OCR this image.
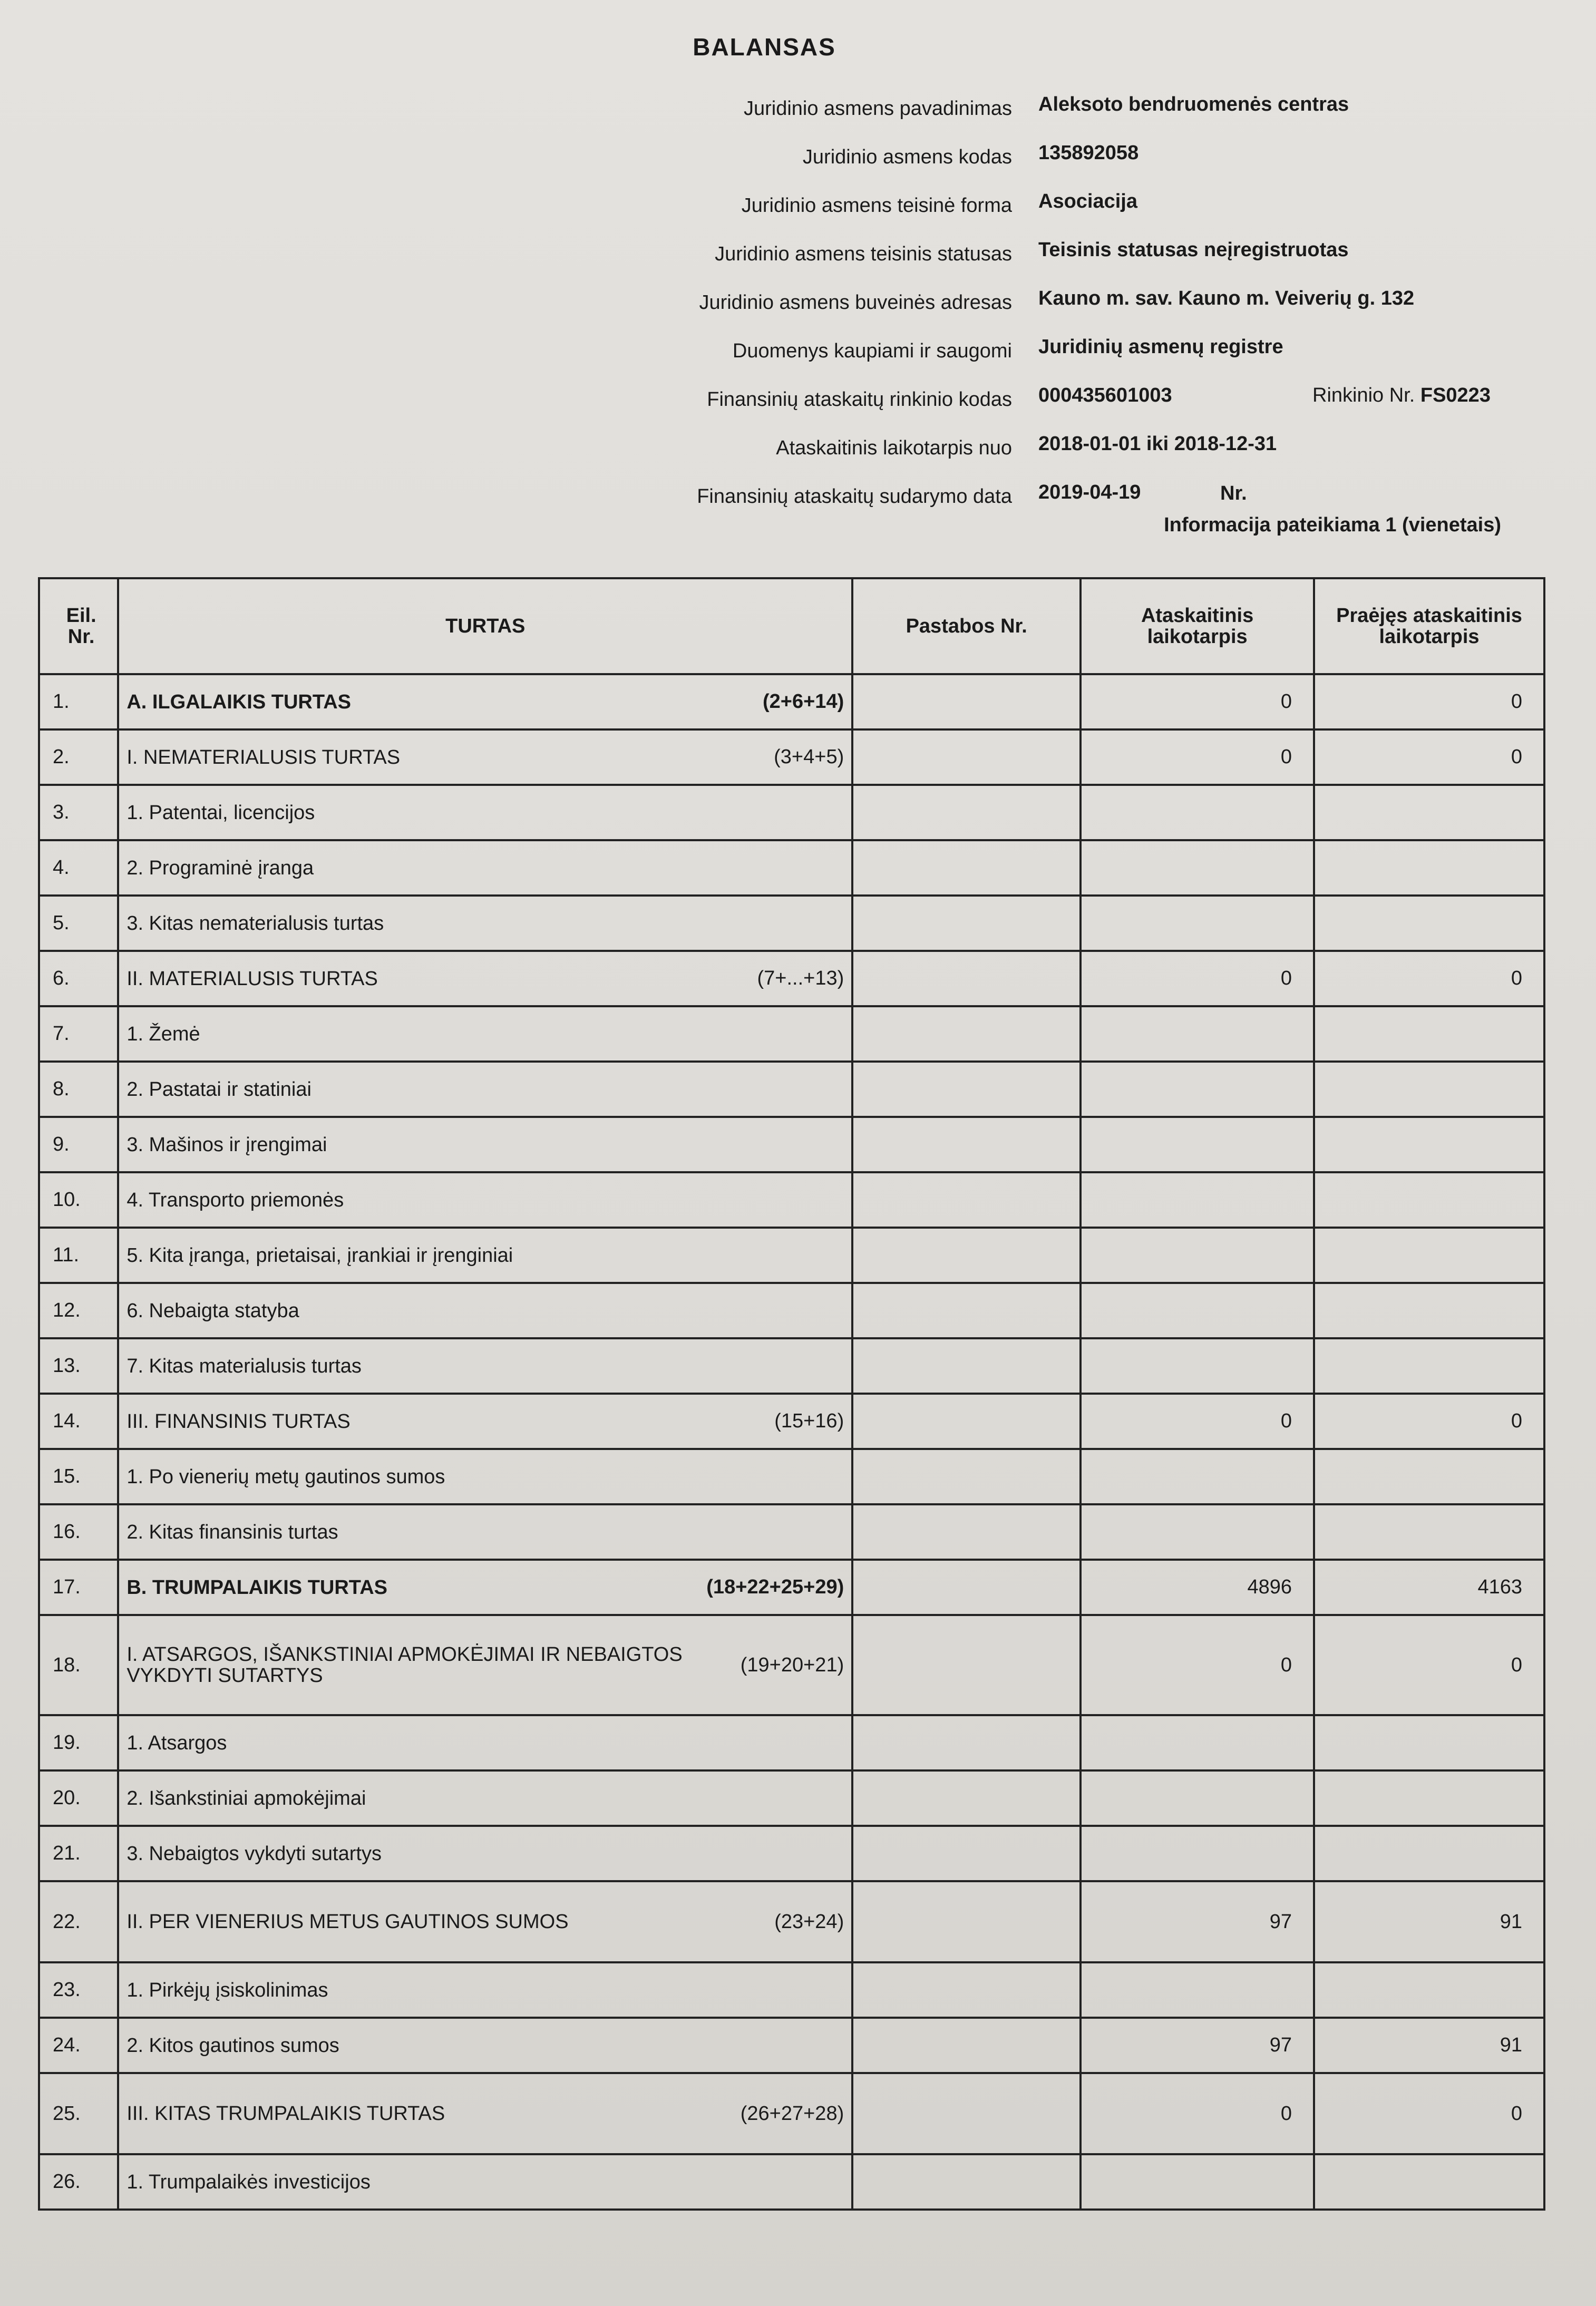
BALANSAS
Juridinio asmens pavadinimas Aleksoto bendruomenės centras
Juridinio asmens kodas 135892058
Juridinio asmens teisinė forma Asociacija
Juridinio asmens teisinis statusas Teisinis statusas neįregistruotas
Juridinio asmens buveinės adresas Kauno m. sav. Kauno m. Veiverių g. 132
Duomenys kaupiami ir saugomi Juridinių asmenų registre
Finansinių ataskaitų rinkinio kodas 000435601003	Rinkinio Nr. FS0223
Ataskaitinis laikotarpis nuo 2018-01-01 iki 2018-12-31
Finansinių ataskaitų sudarymo data 2019-04-19	Nr.
Informacija pateikiama 1 (vienetais)
Eil. Nr.	TURTAS	Pastabos Nr.	Ataskaitinis laikotarpis	Praėjęs ataskaitinis laikotarpis
1.	A. ILGALAIKIS TURTAS (2+6+14)		0	0
2.	I. NEMATERIALUSIS TURTAS (3+4+5)		0	0
3.	1. Patentai, licencijos			

4.	2. Programinė įranga			

5.	3. Kitas nematerialusis turtas			

6.	II. MATERIALUSIS TURTAS (7+...+13)		0	0
7.	1. Žemė			

8.	2. Pastatai ir statiniai			

9.	3. Mašinos ir įrengimai			

10.	4. Transporto priemonės			

11.	5. Kita įranga, prietaisai, įrankiai ir įrenginiai			

12.	6. Nebaigta statyba			

13.	7. Kitas materialusis turtas			

14.	III. FINANSINIS TURTAS (15+16)		0	0
15.	1. Po vienerių metų gautinos sumos			

16.	2. Kitas finansinis turtas			

17.	B. TRUMPALAIKIS TURTAS (18+22+25+29)		4896	4163
18.	I. ATSARGOS, IŠANKSTINIAI APMOKĖJIMAI IR NEBAIGTOS VYKDYTI SUTARTYS (19+20+21)		0	0
19.	1. Atsargos			

20.	2. Išankstiniai apmokėjimai			

21.	3. Nebaigtos vykdyti sutartys			

22.	II. PER VIENERIUS METUS GAUTINOS SUMOS (23+24)		97	91
23.	1. Pirkėjų įsiskolinimas			

24.	2. Kitos gautinos sumos		97	91
25.	III. KITAS TRUMPALAIKIS TURTAS (26+27+28)		0	0
26.	1. Trumpalaikės investicijos			
